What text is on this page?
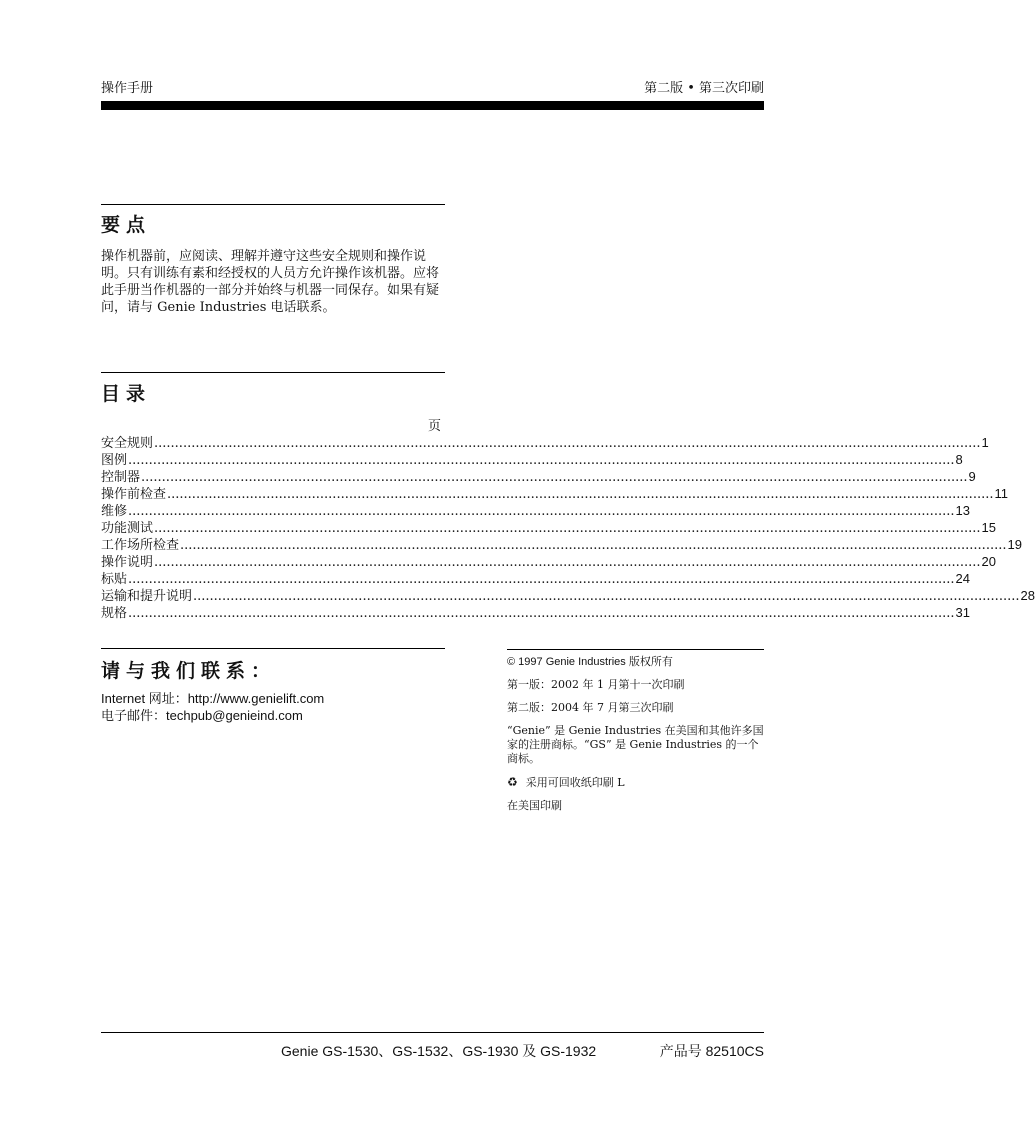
操作手册	第二版 • 第三次印刷
要点
操作机器前，应阅读、理解并遵守这些安全规则和操作说明。只有训练有素和经授权的人员方允许操作该机器。应将此手册当作机器的一部分并始终与机器一同保存。如果有疑问，请与 Genie Industries 电话联系。
目录
页
安全规则 ........................................................................................................................................................................................................ 1
图例 ........................................................................................................................................................................................................ 8
控制器 ........................................................................................................................................................................................................ 9
操作前检查 ........................................................................................................................................................................................................ 11
维修 ........................................................................................................................................................................................................ 13
功能测试 ........................................................................................................................................................................................................ 15
工作场所检查 ........................................................................................................................................................................................................ 19
操作说明 ........................................................................................................................................................................................................ 20
标贴 ........................................................................................................................................................................................................ 24
运输和提升说明 ........................................................................................................................................................................................................ 28
规格 ........................................................................................................................................................................................................ 31
请与我们联系：
Internet 网址：http://www.genielift.com
电子邮件：techpub@genieind.com

© 1997 Genie Industries 版权所有

第一版：2002 年 1 月第十一次印刷

第二版：2004 年 7 月第三次印刷

“Genie” 是 Genie Industries 在美国和其他许多国家的注册商标。“GS” 是 Genie Industries 的一个商标。

♻ 采用可回收纸印刷 L

在美国印刷

Genie GS-1530、GS-1532、GS-1930 及 GS-1932	产品号 82510CS
